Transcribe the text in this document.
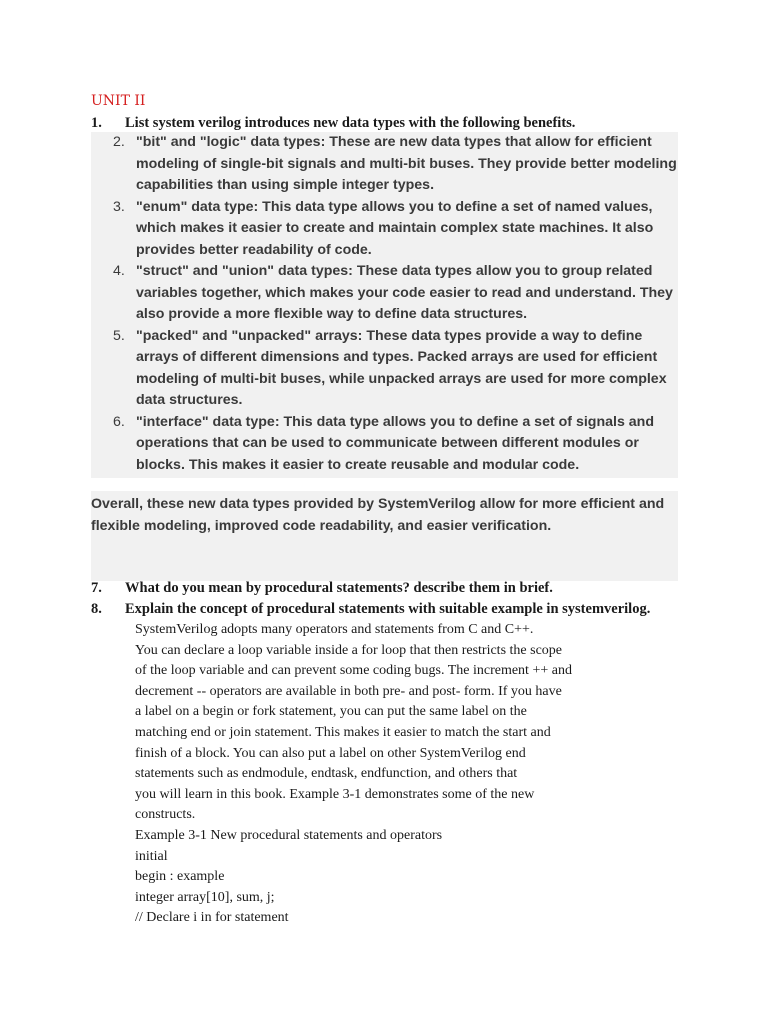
UNIT II
1. List system verilog introduces new data types with the following benefits.
2. "bit" and "logic" data types: These are new data types that allow for efficient modeling of single-bit signals and multi-bit buses. They provide better modeling capabilities than using simple integer types.
3. "enum" data type: This data type allows you to define a set of named values, which makes it easier to create and maintain complex state machines. It also provides better readability of code.
4. "struct" and "union" data types: These data types allow you to group related variables together, which makes your code easier to read and understand. They also provide a more flexible way to define data structures.
5. "packed" and "unpacked" arrays: These data types provide a way to define arrays of different dimensions and types. Packed arrays are used for efficient modeling of multi-bit buses, while unpacked arrays are used for more complex data structures.
6. "interface" data type: This data type allows you to define a set of signals and operations that can be used to communicate between different modules or blocks. This makes it easier to create reusable and modular code.
Overall, these new data types provided by SystemVerilog allow for more efficient and flexible modeling, improved code readability, and easier verification.
7. What do you mean by procedural statements? describe them in brief.
8. Explain the concept of procedural statements with suitable example in systemverilog.
SystemVerilog adopts many operators and statements from C and C++.
You can declare a loop variable inside a for loop that then restricts the scope
of the loop variable and can prevent some coding bugs. The increment ++ and
decrement -- operators are available in both pre- and post- form. If you have
a label on a begin or fork statement, you can put the same label on the
matching end or join statement. This makes it easier to match the start and
finish of a block. You can also put a label on other SystemVerilog end
statements such as endmodule, endtask, endfunction, and others that
you will learn in this book. Example 3-1 demonstrates some of the new
constructs.
Example 3-1 New procedural statements and operators
initial
begin : example
integer array[10], sum, j;
// Declare i in for statement
